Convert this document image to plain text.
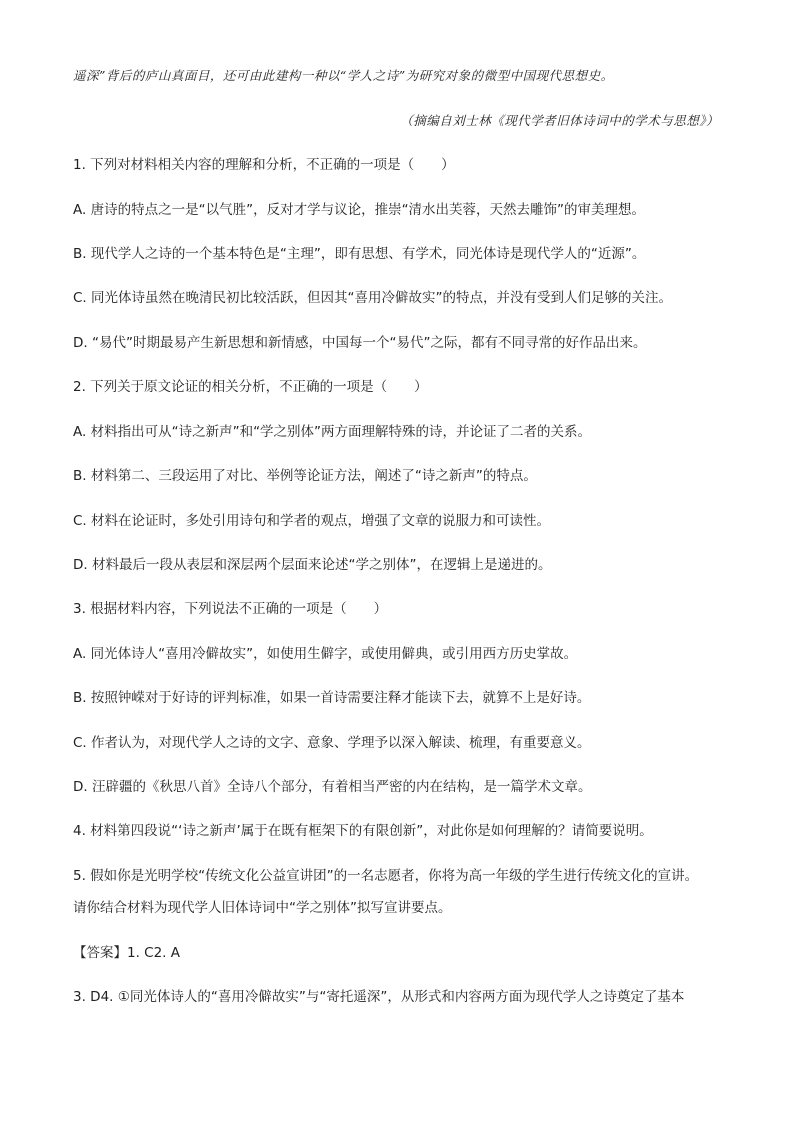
遥深”背后的庐山真面目，还可由此建构一种以“学人之诗”为研究对象的微型中国现代思想史。
（摘编自刘士林《现代学者旧体诗词中的学术与思想》）
1. 下列对材料相关内容的理解和分析，不正确的一项是（　　）
A. 唐诗的特点之一是“以气胜”，反对才学与议论，推崇“清水出芙蓉，天然去雕饰”的审美理想。
B. 现代学人之诗的一个基本特色是“主理”，即有思想、有学术，同光体诗是现代学人的“近源”。
C. 同光体诗虽然在晚清民初比较活跃，但因其“喜用冷僻故实”的特点，并没有受到人们足够的关注。
D. “易代”时期最易产生新思想和新情感，中国每一个“易代”之际，都有不同寻常的好作品出来。
2. 下列关于原文论证的相关分析，不正确的一项是（　　）
A. 材料指出可从“诗之新声”和“学之别体”两方面理解特殊的诗，并论证了二者的关系。
B. 材料第二、三段运用了对比、举例等论证方法，阐述了“诗之新声”的特点。
C. 材料在论证时，多处引用诗句和学者的观点，增强了文章的说服力和可读性。
D. 材料最后一段从表层和深层两个层面来论述“学之别体”，在逻辑上是递进的。
3. 根据材料内容，下列说法不正确的一项是（　　）
A. 同光体诗人“喜用冷僻故实”，如使用生僻字，或使用僻典，或引用西方历史掌故。
B. 按照钟嵘对于好诗的评判标准，如果一首诗需要注释才能读下去，就算不上是好诗。
C. 作者认为，对现代学人之诗的文字、意象、学理予以深入解读、梳理，有重要意义。
D. 汪辟疆的《秋思八首》全诗八个部分，有着相当严密的内在结构，是一篇学术文章。
4. 材料第四段说“‘诗之新声’属于在既有框架下的有限创新”，对此你是如何理解的？请简要说明。
5. 假如你是光明学校“传统文化公益宣讲团”的一名志愿者，你将为高一年级的学生进行传统文化的宣讲。
请你结合材料为现代学人旧体诗词中“学之别体”拟写宣讲要点。
【答案】1. C2. A
3. D4. ①同光体诗人的“喜用冷僻故实”与“寄托遥深”，从形式和内容两方面为现代学人之诗奠定了基本
